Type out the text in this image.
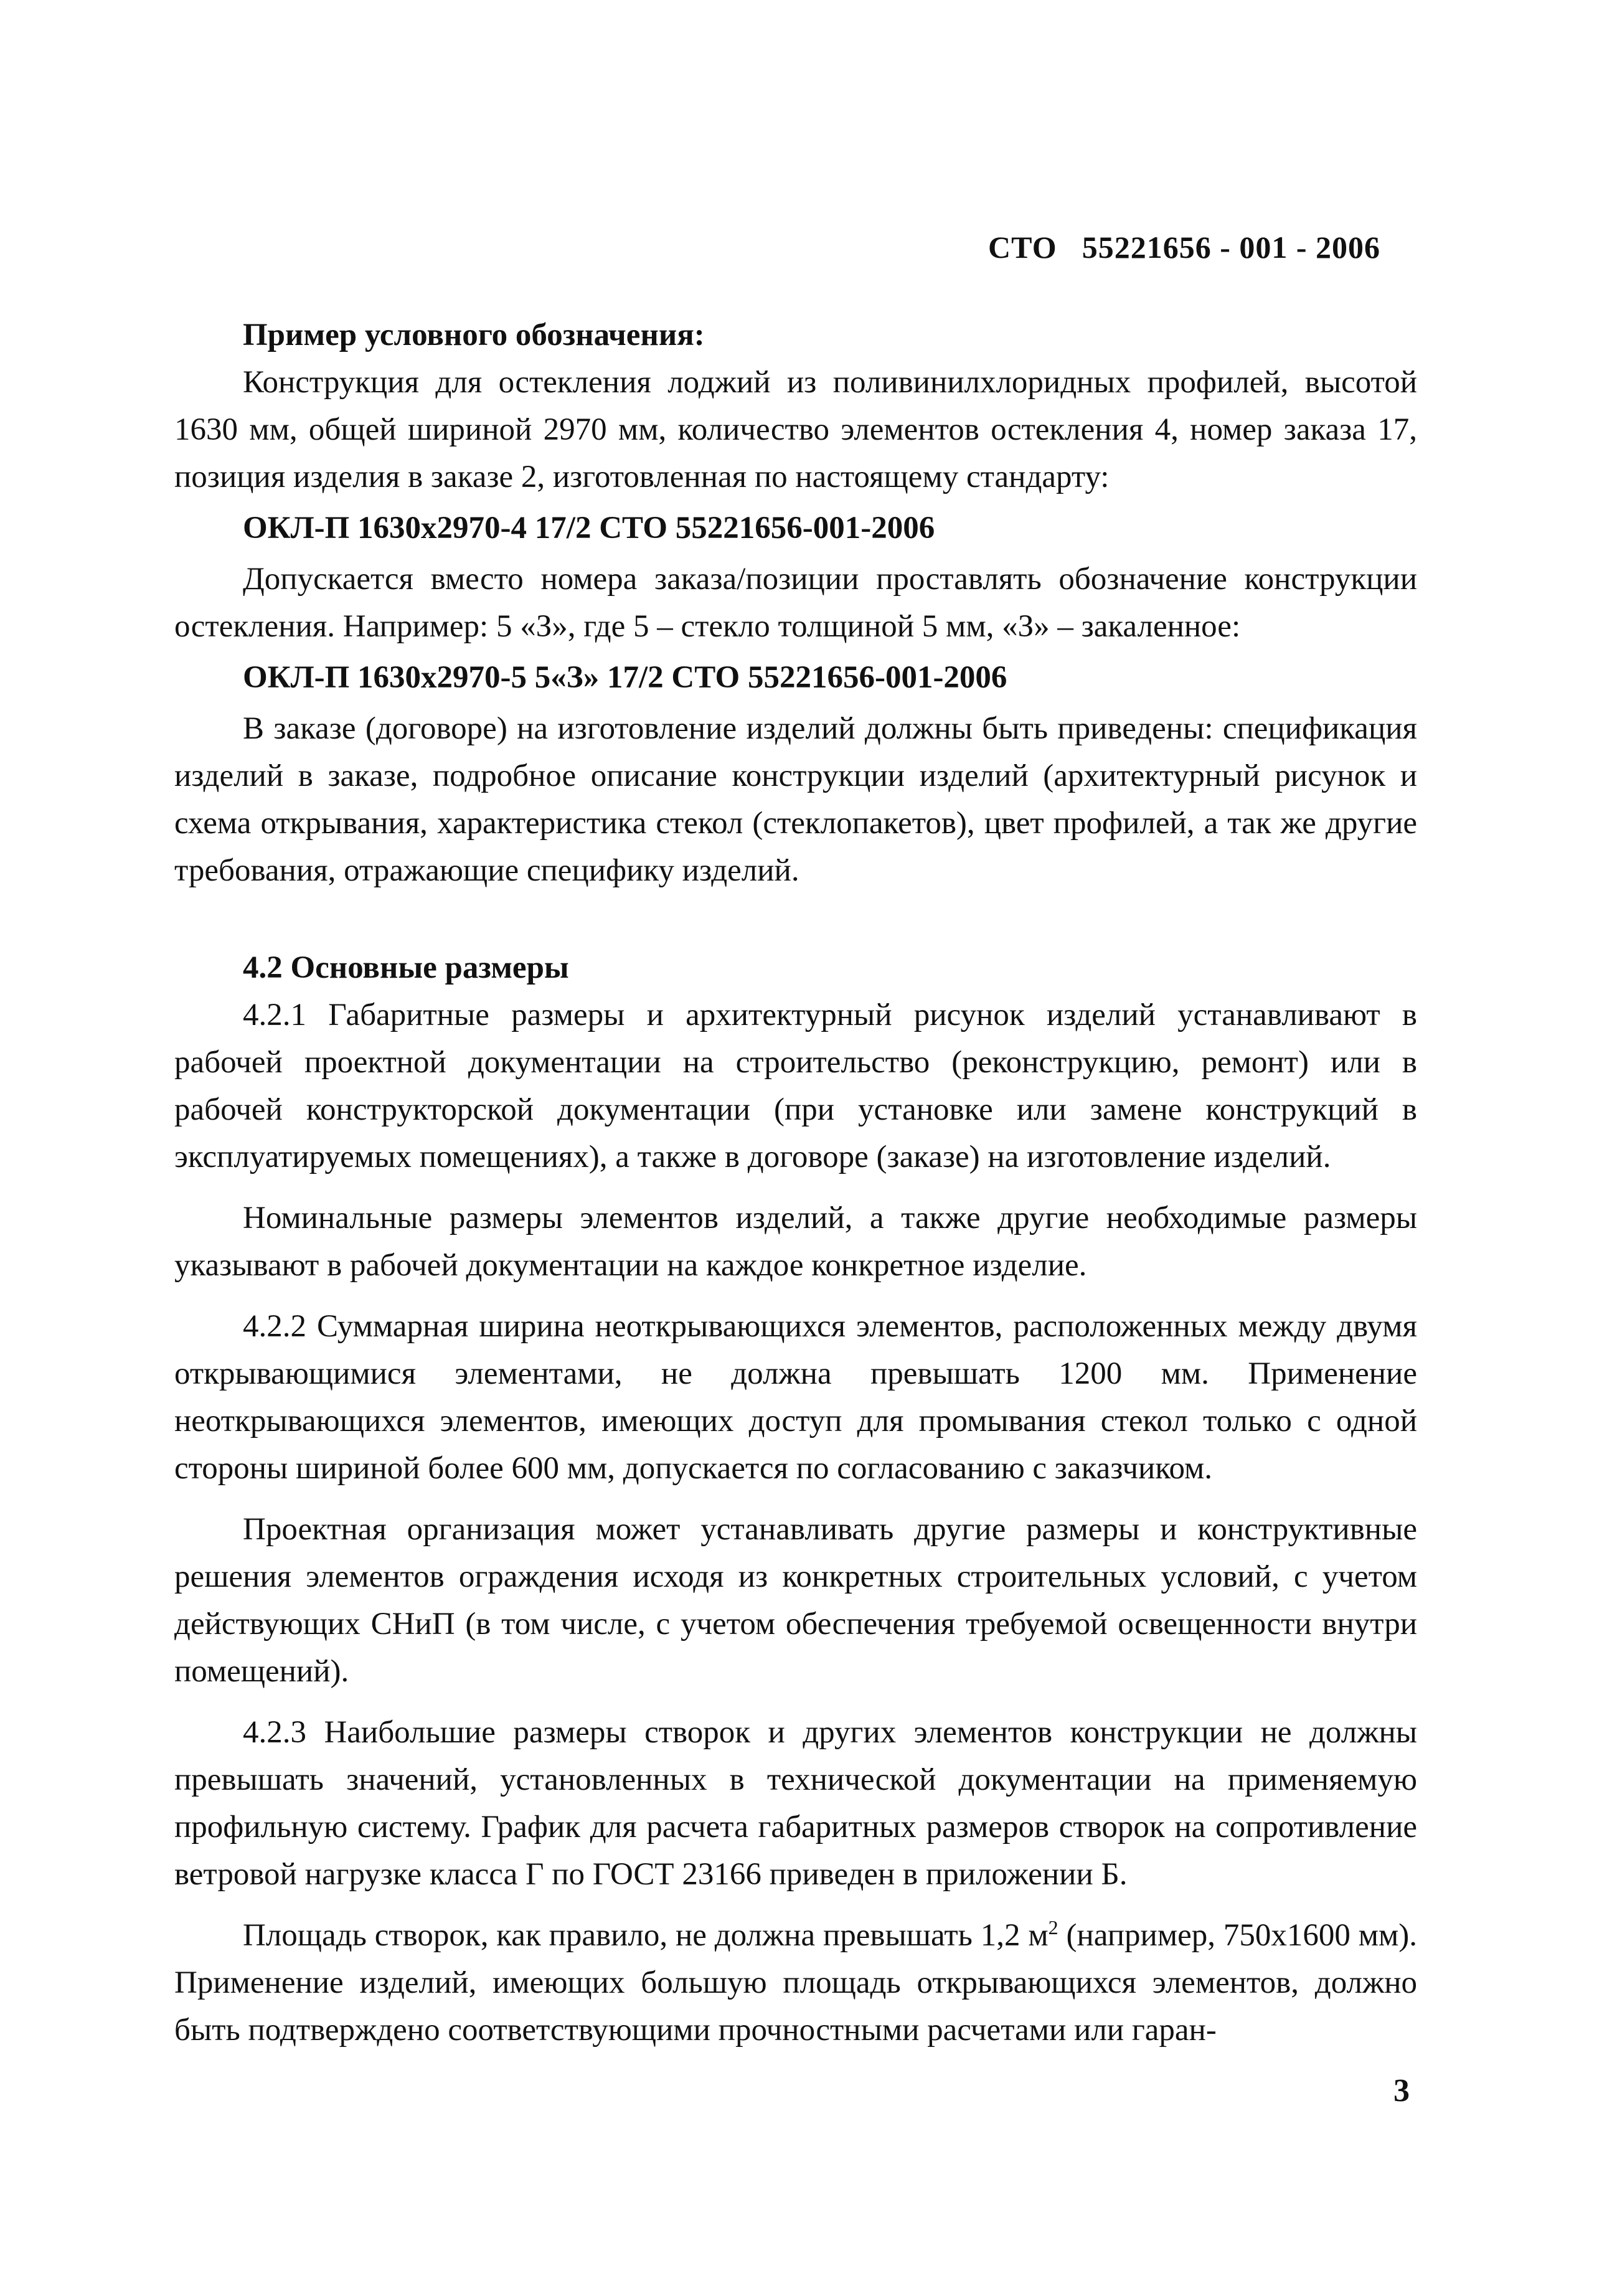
СТО 55221656 - 001 - 2006

Пример условного обозначения:

Конструкция для остекления лоджий из поливинилхлоридных профилей, высотой 1630 мм, общей шириной 2970 мм, количество элементов остекления 4, номер заказа 17, позиция изделия в заказе 2, изготовленная по настоящему стандарту:

ОКЛ-П 1630x2970-4 17/2 СТО 55221656-001-2006

Допускается вместо номера заказа/позиции проставлять обозначение конструкции остекления. Например: 5 «З», где 5 – стекло толщиной 5 мм, «З» – закаленное:

ОКЛ-П 1630x2970-5 5«З» 17/2 СТО 55221656-001-2006

В заказе (договоре) на изготовление изделий должны быть приведены: спецификация изделий в заказе, подробное описание конструкции изделий (архитектурный рисунок и схема открывания, характеристика стекол (стеклопакетов), цвет профилей, а так же другие требования, отражающие специфику изделий.

4.2 Основные размеры

4.2.1 Габаритные размеры и архитектурный рисунок изделий устанавливают в рабочей проектной документации на строительство (реконструкцию, ремонт) или в рабочей конструкторской документации (при установке или замене конструкций в эксплуатируемых помещениях), а также в договоре (заказе) на изготовление изделий.

Номинальные размеры элементов изделий, а также другие необходимые размеры указывают в рабочей документации на каждое конкретное изделие.

4.2.2 Суммарная ширина неоткрывающихся элементов, расположенных между двумя открывающимися элементами, не должна превышать 1200 мм. Применение неоткрывающихся элементов, имеющих доступ для промывания стекол только с одной стороны шириной более 600 мм, допускается по согласованию с заказчиком.

Проектная организация может устанавливать другие размеры и конструктивные решения элементов ограждения исходя из конкретных строительных условий, с учетом действующих СНиП (в том числе, с учетом обеспечения требуемой освещенности внутри помещений).

4.2.3 Наибольшие размеры створок и других элементов конструкции не должны превышать значений, установленных в технической документации на применяемую профильную систему. График для расчета габаритных размеров створок на сопротивление ветровой нагрузке класса Г по ГОСТ 23166 приведен в приложении Б.

Площадь створок, как правило, не должна превышать 1,2 $м^2$ (например, 750x1600 мм). Применение изделий, имеющих большую площадь открывающихся элементов, должно быть подтверждено соответствующими прочностными расчетами или гаран-

3
